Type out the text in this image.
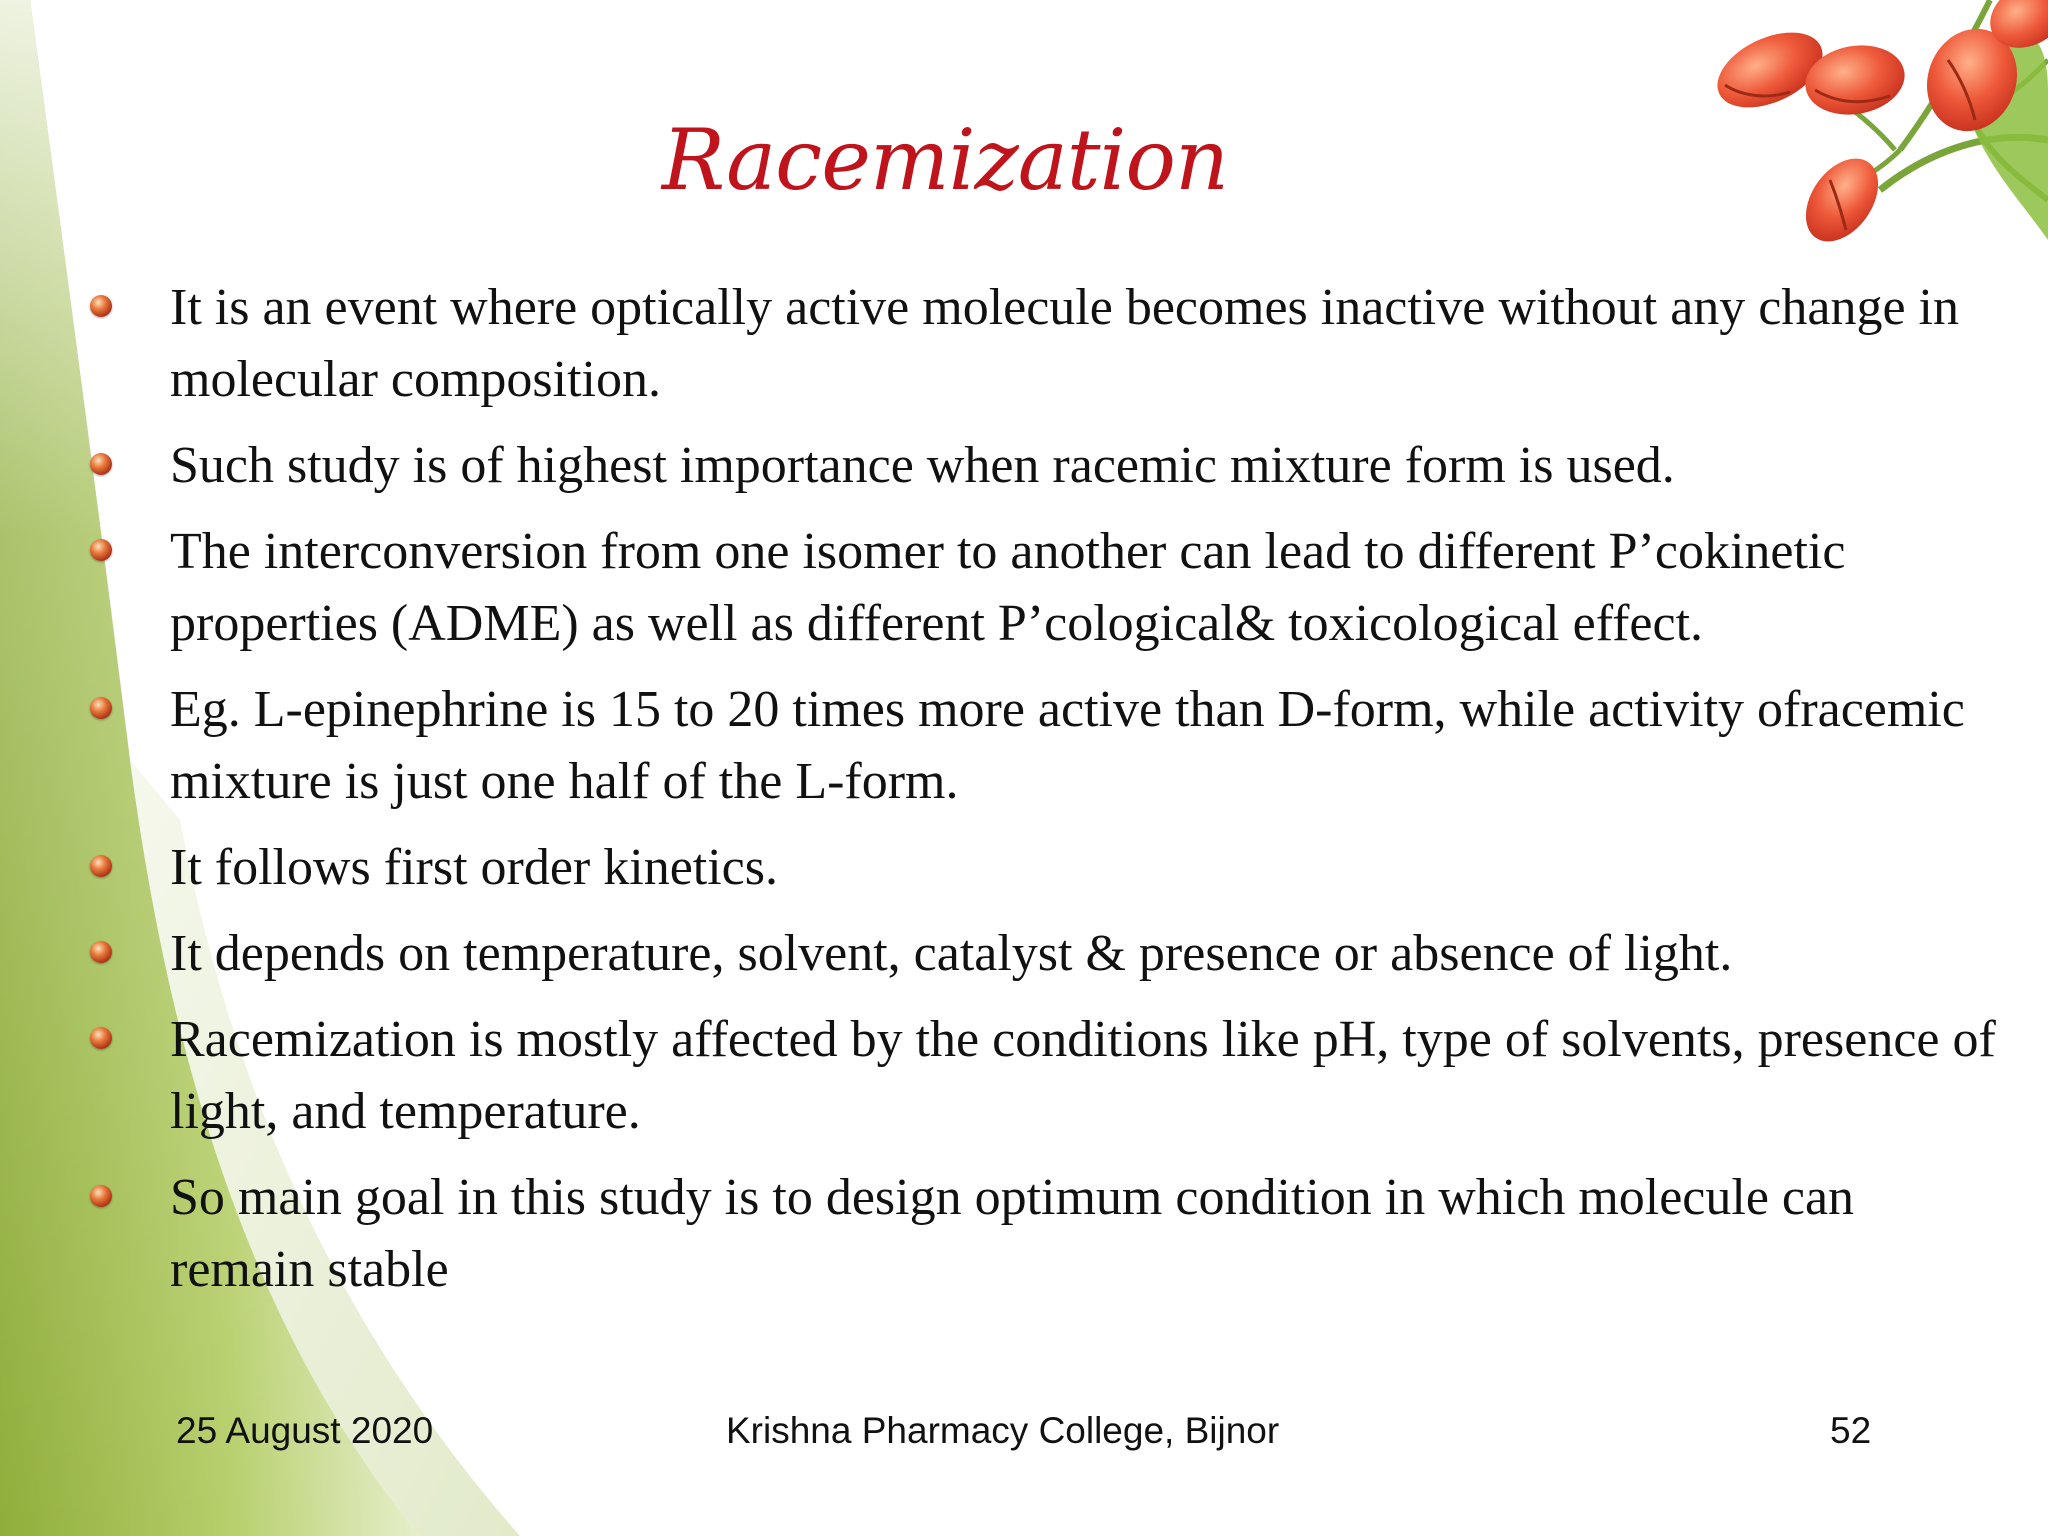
Racemization
It is an event where optically active molecule becomes inactive without any change in molecular composition.
Such study is of highest importance when racemic mixture form is used.
The interconversion from one isomer to another can lead to different P’cokinetic properties (ADME) as well as different P’cological& toxicological effect.
Eg. L-epinephrine is 15 to 20 times more active than D-form, while activity ofracemic mixture is just one half of the L-form.
It follows first order kinetics.
It depends on temperature, solvent, catalyst & presence or absence of light.
Racemization is mostly affected by the conditions like pH, type of solvents, presence of light, and temperature.
So main goal in this study is to design optimum condition in which molecule can remain stable
25 August 2020	Krishna Pharmacy College, Bijnor	52
